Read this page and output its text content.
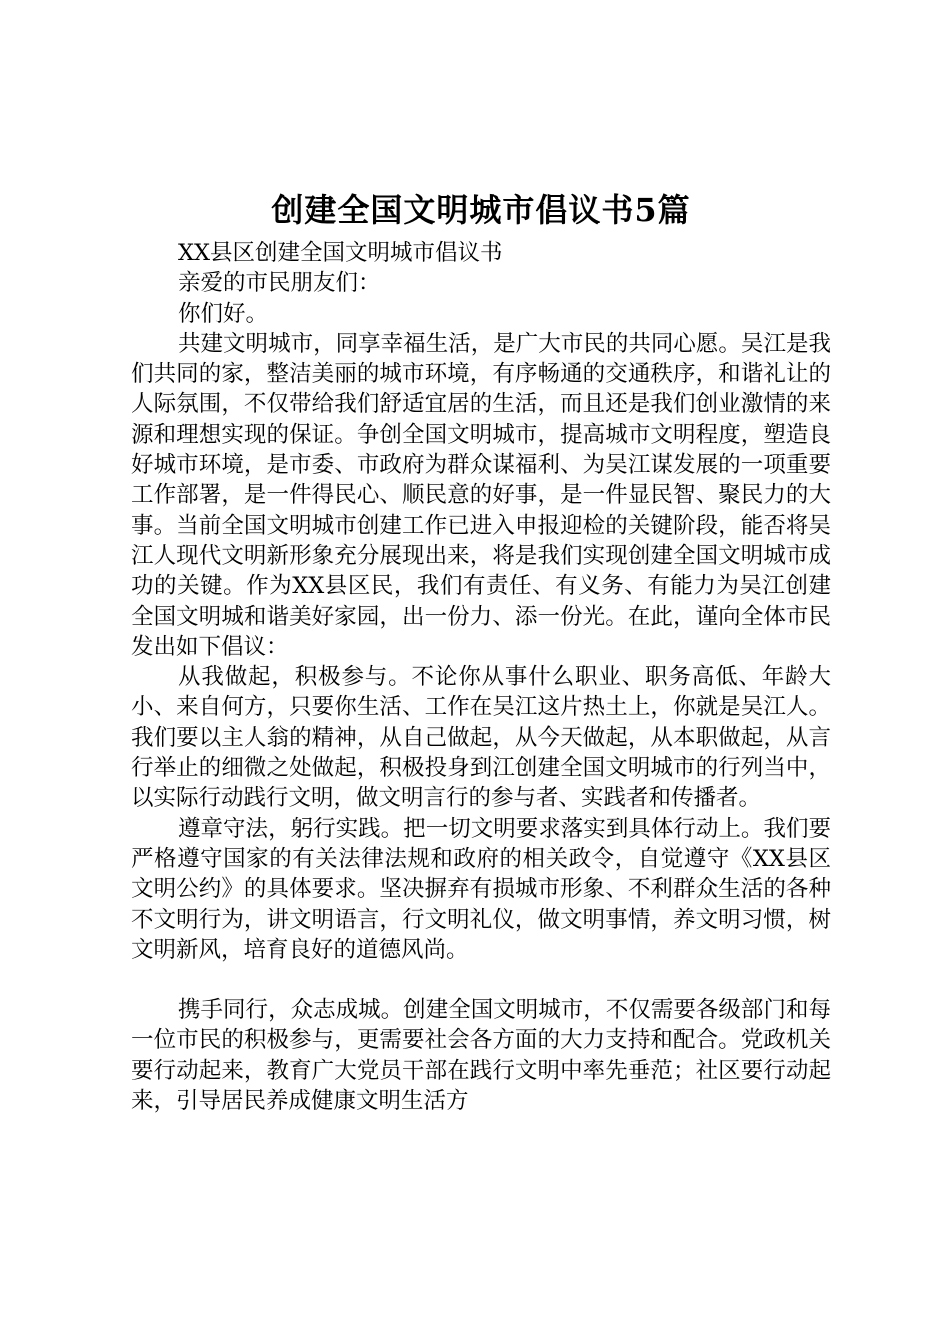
创建全国文明城市倡议书5篇

XX县区创建全国文明城市倡议书

亲爱的市民朋友们：

你们好。

共建文明城市，同享幸福生活，是广大市民的共同心愿。吴江是我们共同的家，整洁美丽的城市环境，有序畅通的交通秩序，和谐礼让的人际氛围，不仅带给我们舒适宜居的生活，而且还是我们创业激情的来源和理想实现的保证。争创全国文明城市，提高城市文明程度，塑造良好城市环境，是市委、市政府为群众谋福利、为吴江谋发展的一项重要工作部署，是一件得民心、顺民意的好事，是一件显民智、聚民力的大事。当前全国文明城市创建工作已进入申报迎检的关键阶段，能否将吴江人现代文明新形象充分展现出来，将是我们实现创建全国文明城市成功的关键。作为XX县区民，我们有责任、有义务、有能力为吴江创建全国文明城和谐美好家园，出一份力、添一份光。在此，谨向全体市民发出如下倡议：

从我做起，积极参与。不论你从事什么职业、职务高低、年龄大小、来自何方，只要你生活、工作在吴江这片热土上，你就是吴江人。我们要以主人翁的精神，从自己做起，从今天做起，从本职做起，从言行举止的细微之处做起，积极投身到江创建全国文明城市的行列当中，以实际行动践行文明，做文明言行的参与者、实践者和传播者。

遵章守法，躬行实践。把一切文明要求落实到具体行动上。我们要严格遵守国家的有关法律法规和政府的相关政令，自觉遵守《XX县区文明公约》的具体要求。坚决摒弃有损城市形象、不利群众生活的各种不文明行为，讲文明语言，行文明礼仪，做文明事情，养文明习惯，树文明新风，培育良好的道德风尚。

携手同行，众志成城。创建全国文明城市，不仅需要各级部门和每一位市民的积极参与，更需要社会各方面的大力支持和配合。党政机关要行动起来，教育广大党员干部在践行文明中率先垂范；社区要行动起来，引导居民养成健康文明生活方
